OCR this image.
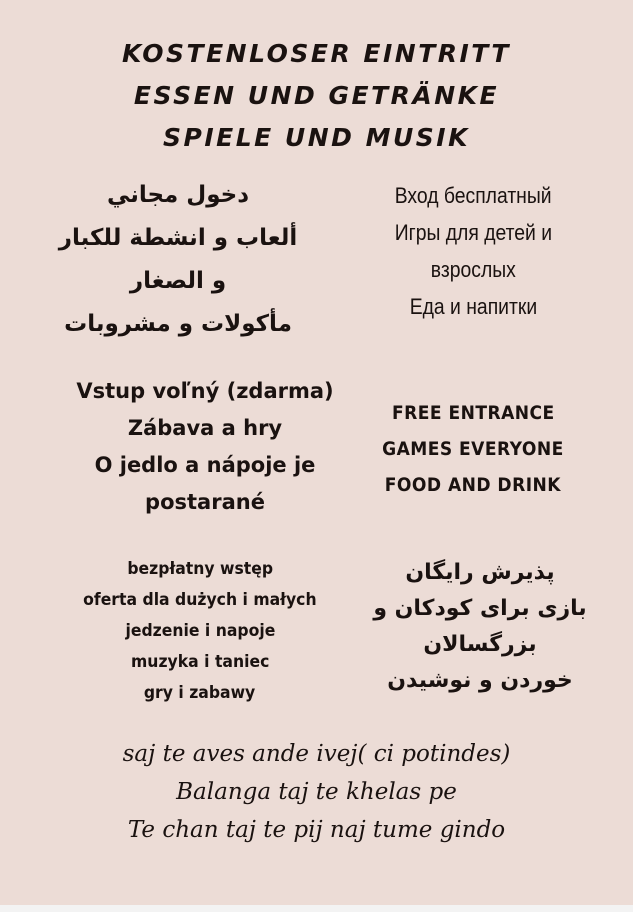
KOSTENLOSER EINTRITT
ESSEN UND GETRÄNKE
SPIELE UND MUSIK
دخول مجاني
ألعاب و انشطة للكبار
و الصغار
مأكولات و مشروبات
Вход бесплатный
Игры для детей и
взрослых
Еда и напитки
Vstup voľný (zdarma)
Zábava a hry
O jedlo a nápoje je
postarané
FREE ENTRANCE
GAMES EVERYONE
FOOD AND DRINK
bezpłatny wstęp
oferta dla dużych i małych
jedzenie i napoje
muzyka i taniec
gry i zabawy
پذیرش رایگان
بازی برای کودکان و
بزرگسالان
خوردن و نوشیدن
saj te aves ande ivej( ci potindes)
Balanga taj te khelas pe
Te chan taj te pij naj tume gindo
